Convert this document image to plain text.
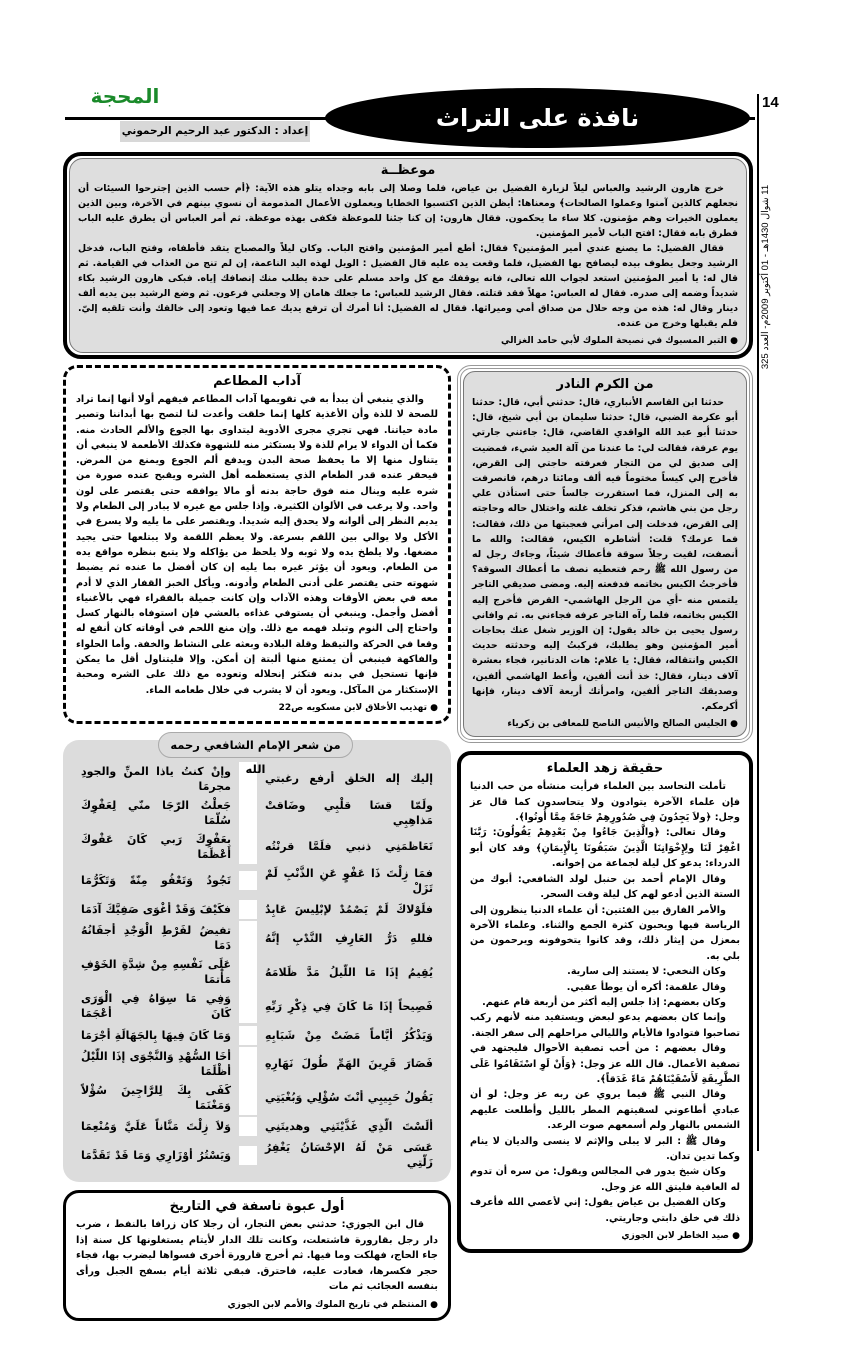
14
11 شوال 1430هـ - 01 أكتوبر 2009م- العدد 325
المحجة
نافذة على التراث
إعداد : الدكتور عبد الرحيم الرحموني
موعظــة

خرج هارون الرشيد والعباس ليلاً لزيارة الفضيل بن عياض، فلما وصلا إلى بابه وجداه يتلو هذه الآية: ﴿أم حسب الذين إجترحوا السيئات أن نجعلهم كالذين آمنوا وعملوا الصالحات﴾ ومعناها: أيظن الذين اكتسبوا الخطايا ويعملون الأعمال المذمومة أن نسوي بينهم في الآخرة، وبين الذين يعملون الخيرات وهم مؤمنون. كلا ساء ما يحكمون. فقال هارون: إن كنا جئنا للموعظة فكفى بهذه موعظة. ثم أمر العباس أن يطرق عليه الباب فطرق بابه فقال: افتح الباب لأمير المؤمنين.

فقال الفضيل: ما يصنع عندي أمير المؤمنين؟ فقال: أطع أمير المؤمنين وافتح الباب. وكان ليلاً والمصباح يتقد فأطفاه، وفتح الباب، فدخل الرشيد وجعل يطوف بيده ليصافح بها الفضيل، فلما وقعت يده عليه قال الفضيل : الويل لهذه اليد الناعمة، إن لم تنج من العذاب في القيامة. ثم قال له: يا أمير المؤمنين استعد لجواب الله تعالى، فانه يوقفك مع كل واحد مسلم على حدة يطلب منك إنصافك إياه. فبكى هارون الرشيد بكاء شديداً وضمه إلى صدره. فقال له العباس: مهلاً فقد قتلته. فقال الرشيد للعباس: ما جعلك هامان إلا وجعلني فرعون. ثم وضع الرشيد بين يديه ألف دينار وقال له: هذه من وجه حلال من صداق أمي وميراثها. فقال له الفضيل: أنا أمرك أن ترفع يديك عما فيها وتعود إلى خالقك وأنت تلقيه إليّ. فلم يقبلها وخرج من عنده.

● التبر المسبوك في نصيحة الملوك لأبي حامد الغزالي
آداب المطاعم

والذي ينبغي أن يبدأ به في تقويمها آداب المطاعم فيفهم أولا أنها إنما تراد للصحة لا للذة وأن الأغذية كلها إنما خلقت وأعدت لنا لتصح بها أبداننا وتصير مادة حياتنا. فهي تجري مجرى الأدوية ليتداوى بها الجوع والألم الحادث منه. فكما أن الدواء لا يرام للذة ولا يستكثر منه للشهوة فكذلك الأطعمة لا ينبغي أن يتناول منها إلا ما يحفظ صحة البدن ويدفع ألم الجوع ويمنع من المرض. فيحقر عنده قدر الطعام الذي يستعظمه أهل الشره ويقبح عنده صورة من شره عليه وينال منه فوق حاجة بدنه أو مالا يوافقه حتى يقتصر على لون واحد. ولا يرغب في الألوان الكثيرة. وإذا جلس مع غيره لا يبادر إلى الطعام ولا يديم النظر إلى ألوانه ولا يحدق إليه شديدا. ويقتصر على ما يليه ولا يسرع في الأكل ولا يوالي بين اللقم بسرعة. ولا يعظم اللقمة ولا يبتلعها حتى يجيد مضغها. ولا يلطخ يده ولا ثوبه ولا يلحظ من يؤاكله ولا يتبع بنظره مواقع يده من الطعام. ويعود أن يؤثر غيره بما يليه إن كان أفضل ما عنده ثم يضبط شهوته حتى يقتصر على أدنى الطعام وأدونه. ويأكل الخبز القفار الذي لا أدم معه في بعض الأوقات وهذه الآداب وإن كانت جميلة بالفقراء فهي بالأغنياء أفضل وأجمل. وينبغي أن يستوفي غذاءه بالعشي فإن استوفاه بالنهار كسل واحتاج إلى النوم وتبلد فهمه مع ذلك. وإن منع اللحم في أوقاته كان أنفع له وقعا في الحركة والتيقظ وقلة البلادة وبعثه على النشاط والخفة. وأما الحلواء والفاكهة فينبغي أن يمتنع منها ألبتة إن أمكن. وإلا فليتناول أقل ما يمكن فإنها تستحيل في بدنه فتكثر إنحلاله وتعوده مع ذلك على الشره ومحبة الإستكثار من المآكل. ويعود أن لا يشرب في خلال طعامه الماء.

● تهذيب الأخلاق لابن مسكويه ص22
من شعر الإمام الشافعي رحمه الله
إليك إله الخلق أرفع رغبتي
وإنْ كنتُ ياذا المنِّ والجودِ مجرمَا
ولَمّا قسَا قلْبِي وضَاقتْ مَذاهِبِي
جَعلْتُ الرّجَا منّي لِعَفْوِكَ سُلّمَا
تَعَاظمَنِي ذنبي فلَمَّا قرنْتُه
بِعَفْوِكَ رَبي كَانَ عَفْوكَ أعْظَمَا
فمَا زِلْتَ ذَا عَفْوٍ عَنِ الذَّنْبِ لَمْ تَزَلْ
تَجُودُ وَتَعْفُو مِنّةً وَتَكَرُّمَا
فلَوْلاكَ لَمْ يَصْمُدْ لإبْلِيسَ عَابِدٌ
فكَيْفَ وَقَدْ أغْوَى صَفِيَّكَ آدَمَا
فللهِ دَرُّ العَارِفِ النَّدْبِ إنَّهُ
تفيضُ لفَرْطِ الْوَجْدِ أجفَانُهُ دَمَا
يُقِيمُ إذَا مَا اللّيلُ مَدَّ ظَلامَهُ
عَلَى نَفْسِهِ مِنْ شِدَّةِ الخَوْفِ مَأْتمَا
فَصِيحاً إذَا مَا كَانَ فِي ذِكْرِ رَبِّهِ
وَفِي مَا سِوَاهُ فِي الْوَرَى كَانَ أعْجَمَا
وَيَذْكُرُ أيَّاماً مَضَتْ مِنْ شَبَابِهِ
وَمَا كَانَ فِيهَا بِالجَهَالَةِ أجْرَمَا
فَصَارَ قَرِينَ الهَمِّ طُولَ نَهَارِهِ
أخَا السُّهْدِ وَالنَّجْوَى إذَا اللّيْلُ أظْلَمَا
يَقُولُ حَبِيبِي أنْتَ سُؤْلِي وَبُغْيَتِي
كَفَى بِكَ لِلرَّاجِينَ سُؤْلاً وَمَغْنَمَا
ألَسْتَ الّذِي غَذَّيْتَنِي وهديتَنِي
وَلاَ زِلْتَ مَنَّاناً عَلَيَّ وَمُنْعِمَا
عَسَى مَنْ لَهُ الإحْسَانُ يَغْفِرُ زَلّتِي
وَيَسْتُرُ أوْزَارِي وَمَا قَدْ تَقَدَّمَا
أول عبوة ناسفة في التاريخ

قال ابن الجوزي: حدثني بعض التجار، أن رجلا كان زرافا بالنفط ، ضرب دار رجل بقارورة فاشتعلت، وكانت تلك الدار لأيتام يستغلونها كل سنة إذا جاء الحاج، فهلكت وما فيها. ثم أخرج قارورة أخرى فسواها ليضرب بها، فجاء حجر فكسرها، فعادت عليه، فاحترق. فبقي ثلاثة أيام بسفح الجبل ورأى بنفسه العجائب ثم مات

● المنتظم في تاريخ الملوك والأمم لابن الجوزي
من الكرم النادر

حدثنا ابن القاسم الأنباري، قال: حدثني أبي، قال: حدثنا أبو عكرمة الضبي، قال: حدثنا سليمان بن أبي شيخ، قال: حدثنا أبو عبد الله الواقدي القاضي، قال: جاءتني جارتي يوم عرفة، فقالت لي: ما عندنا من آلة العيد شيء، فمضيت إلى صديق لي من التجار فعرفته حاجتي إلى القرض، فأخرج إلي كيساً مختوماً فيه ألف ومائتا درهم، فانصرفت به إلى المنزل، فما استقررت جالساً حتى استأذن علي رجل من بني هاشم، فذكر تخلف غلته واختلال حاله وحاجته إلى القرض، فدخلت إلى امرأتي فعجبتها من ذلك، فقالت: فما عزمك؟ قلت: أشاطره الكيس، فقالت: والله ما أنصفت، لقيت رجلاً سوقة فأعطاك شيئاً، وجاءك رجل له من رسول الله ﷺ رحم فتعطيه نصف ما أعطاك السوقة؟ فأخرجتُ الكيس بخاتمه فدفعته إليه. ومضى صديقي التاجر يلتمس منه -أي من الرجل الهاشمي- القرض فأخرج إليه الكيس بخاتمه، فلما رآه التاجر عرفه فجاءني به. ثم وافاني رسول يحيى بن خالد يقول: إن الوزير شغل عنك بحاجات أمير المؤمنين وهو يطلبك، فركبتُ إليه وحدثته حديث الكيس وانتقاله، فقال: يا غلام: هات الدنانير، فجاء بعشرة آلاف دينار، فقال: خذ أنت ألفين، وأعط الهاشمي ألفين، وصديقك التاجر ألفين، وامرأتك أربعة آلاف دينار، فإنها أكرمكم.

● الجليس الصالح والأنيس الناصح للمعافى بن زكرياء
حقيقة زهد العلماء

تأملت التحاسد بين العلماء فرأيت منشأه من حب الدنيا فإن علماء الآخرة يتوادون ولا يتحاسدون كما قال عز وجل: ﴿ولاَ يَجِدُونَ فِي صُدُورِهِمْ حَاجَةً مِمَّا أُوتُوا﴾.

وقال تعالى: ﴿والَّذِينَ جَاءُوا مِنْ بَعْدِهِمْ يَقُولُونَ: رَبَّنَا اغْفِرْ لَنَا ولِإِخْوَانِنَا الَّذِينَ سَبَقُونَا بِالْإِيمَانِ﴾ وقد كان أبو الدرداء: يدعو كل ليلة لجماعة من إخوانه.

وقال الإمام أحمد بن حنبل لولد الشافعي: أبوك من الستة الذين أدعو لهم كل ليلة وقت السحر.

والأمر الفارق بين الفئتين: أن علماء الدنيا ينظرون إلى الرياسة فيها ويحبون كثرة الجمع والثناء. وعلماء الآخرة بمعزل من إيثار ذلك، وقد كانوا يتخوفونه ويرحمون من بلي به.

وكان النخعي: لا يستند إلى سارية.

وقال علقمة: أكره أن يوطأ عقبي.

وكان بعضهم: إذا جلس إليه أكثر من أربعة قام عنهم.

وإنما كان بعضهم يدعو لبعض ويستفيد منه لأنهم ركب تصاحبوا فتوادوا فالأيام والليالي مراحلهم إلى سفر الجنة.

وقال بعضهم : من أحب تصفية الأحوال فليجتهد في تصفية الأعمال. قال الله عز وجل: ﴿وَأَنْ لَوِ اسْتَقَامُوا عَلَى الطَّرِيقَةِ لَأَسْقَيْنَاهُمْ مَاءً غَدَقاً﴾.

وقال النبي ﷺ فيما يروي عن ربه عز وجل: لو أن عبادي أطاعوني لسقيتهم المطر بالليل وأطلعت عليهم الشمس بالنهار ولم أسمعهم صوت الرعد.

وقال ﷺ : البر لا يبلى والإثم لا ينسى والديان لا ينام وكما تدين تدان.

وكان شيخ يدور في المجالس ويقول: من سره أن تدوم له العافية فليتق الله عز وجل.

وكان الفضيل بن عياض يقول: إني لأعصي الله فأعرف ذلك في خلق دابتي وجاريتي.

● صيد الخاطر لابن الجوزي
